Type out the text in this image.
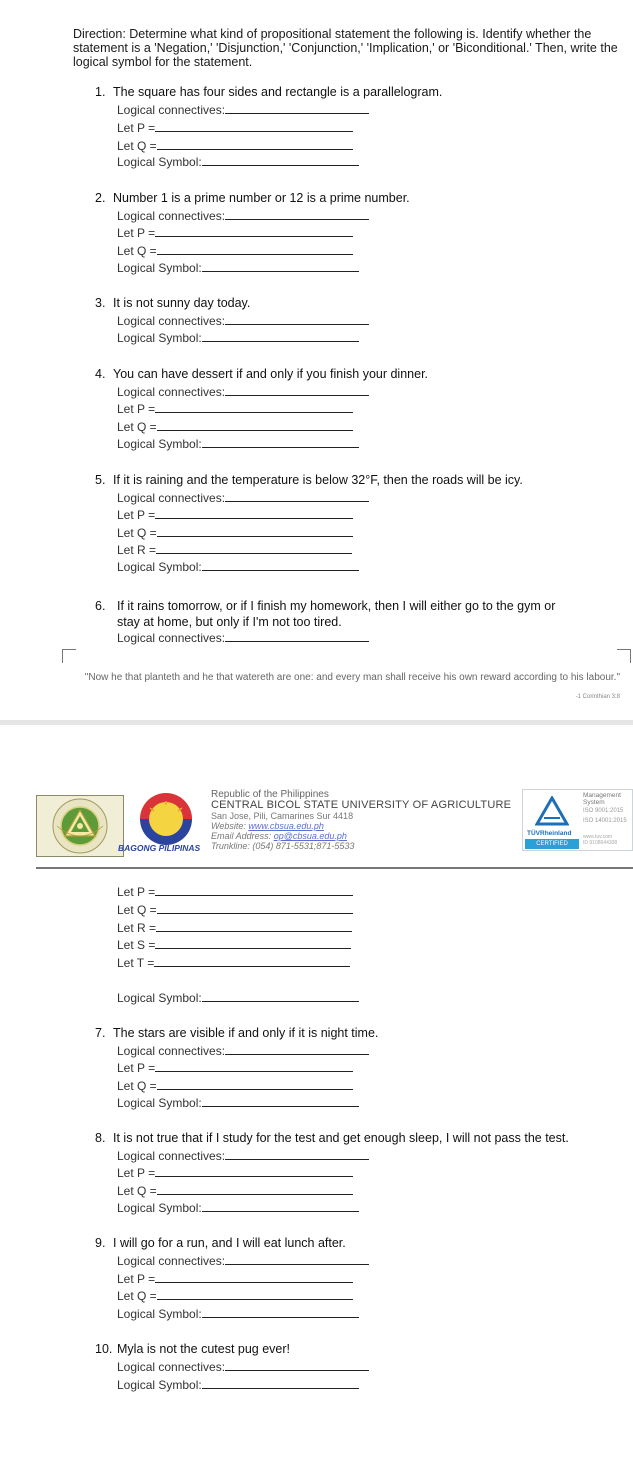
Direction: Determine what kind of propositional statement the following is. Identify whether the statement is a 'Negation,' 'Disjunction,' 'Conjunction,' 'Implication,' or 'Biconditional.' Then, write the logical symbol for the statement.
1. The square has four sides and rectangle is a parallelogram.
Logical connectives:
Let P =
Let Q =
Logical Symbol:
2. Number 1 is a prime number or 12 is a prime number.
Logical connectives:
Let P =
Let Q =
Logical Symbol:
3. It is not sunny day today.
Logical connectives:
Logical Symbol:
4. You can have dessert if and only if you finish your dinner.
Logical connectives:
Let P =
Let Q =
Logical Symbol:
5. If it is raining and the temperature is below 32°F, then the roads will be icy.
Logical connectives:
Let P =
Let Q =
Let R =
Logical Symbol:
6. If it rains tomorrow, or if I finish my homework, then I will either go to the gym or
stay at home, but only if I'm not too tired.
Logical connectives:
"Now he that planteth and he that watereth are one: and every man shall receive his own reward according to his labour."
-1 Corinthian 3:8
BAGONG PILIPINAS
Republic of the Philippines
CENTRAL BICOL STATE UNIVERSITY OF AGRICULTURE
San Jose, Pili, Camarines Sur 4418
Website: www.cbsua.edu.ph
Email Address: op@cbsua.edu.ph
Trunkline: (054) 871-5531;871-5533
TÜVRheinland
CERTIFIED
Management System
ISO 9001:2015
ISO 14001:2015
www.tuv.com
ID 9108644308
Let P =
Let Q =
Let R =
Let S =
Let T =
Logical Symbol:
7. The stars are visible if and only if it is night time.
Logical connectives:
Let P =
Let Q =
Logical Symbol:
8. It is not true that if I study for the test and get enough sleep, I will not pass the test.
Logical connectives:
Let P =
Let Q =
Logical Symbol:
9. I will go for a run, and I will eat lunch after.
Logical connectives:
Let P =
Let Q =
Logical Symbol:
10. Myla is not the cutest pug ever!
Logical connectives:
Logical Symbol:
